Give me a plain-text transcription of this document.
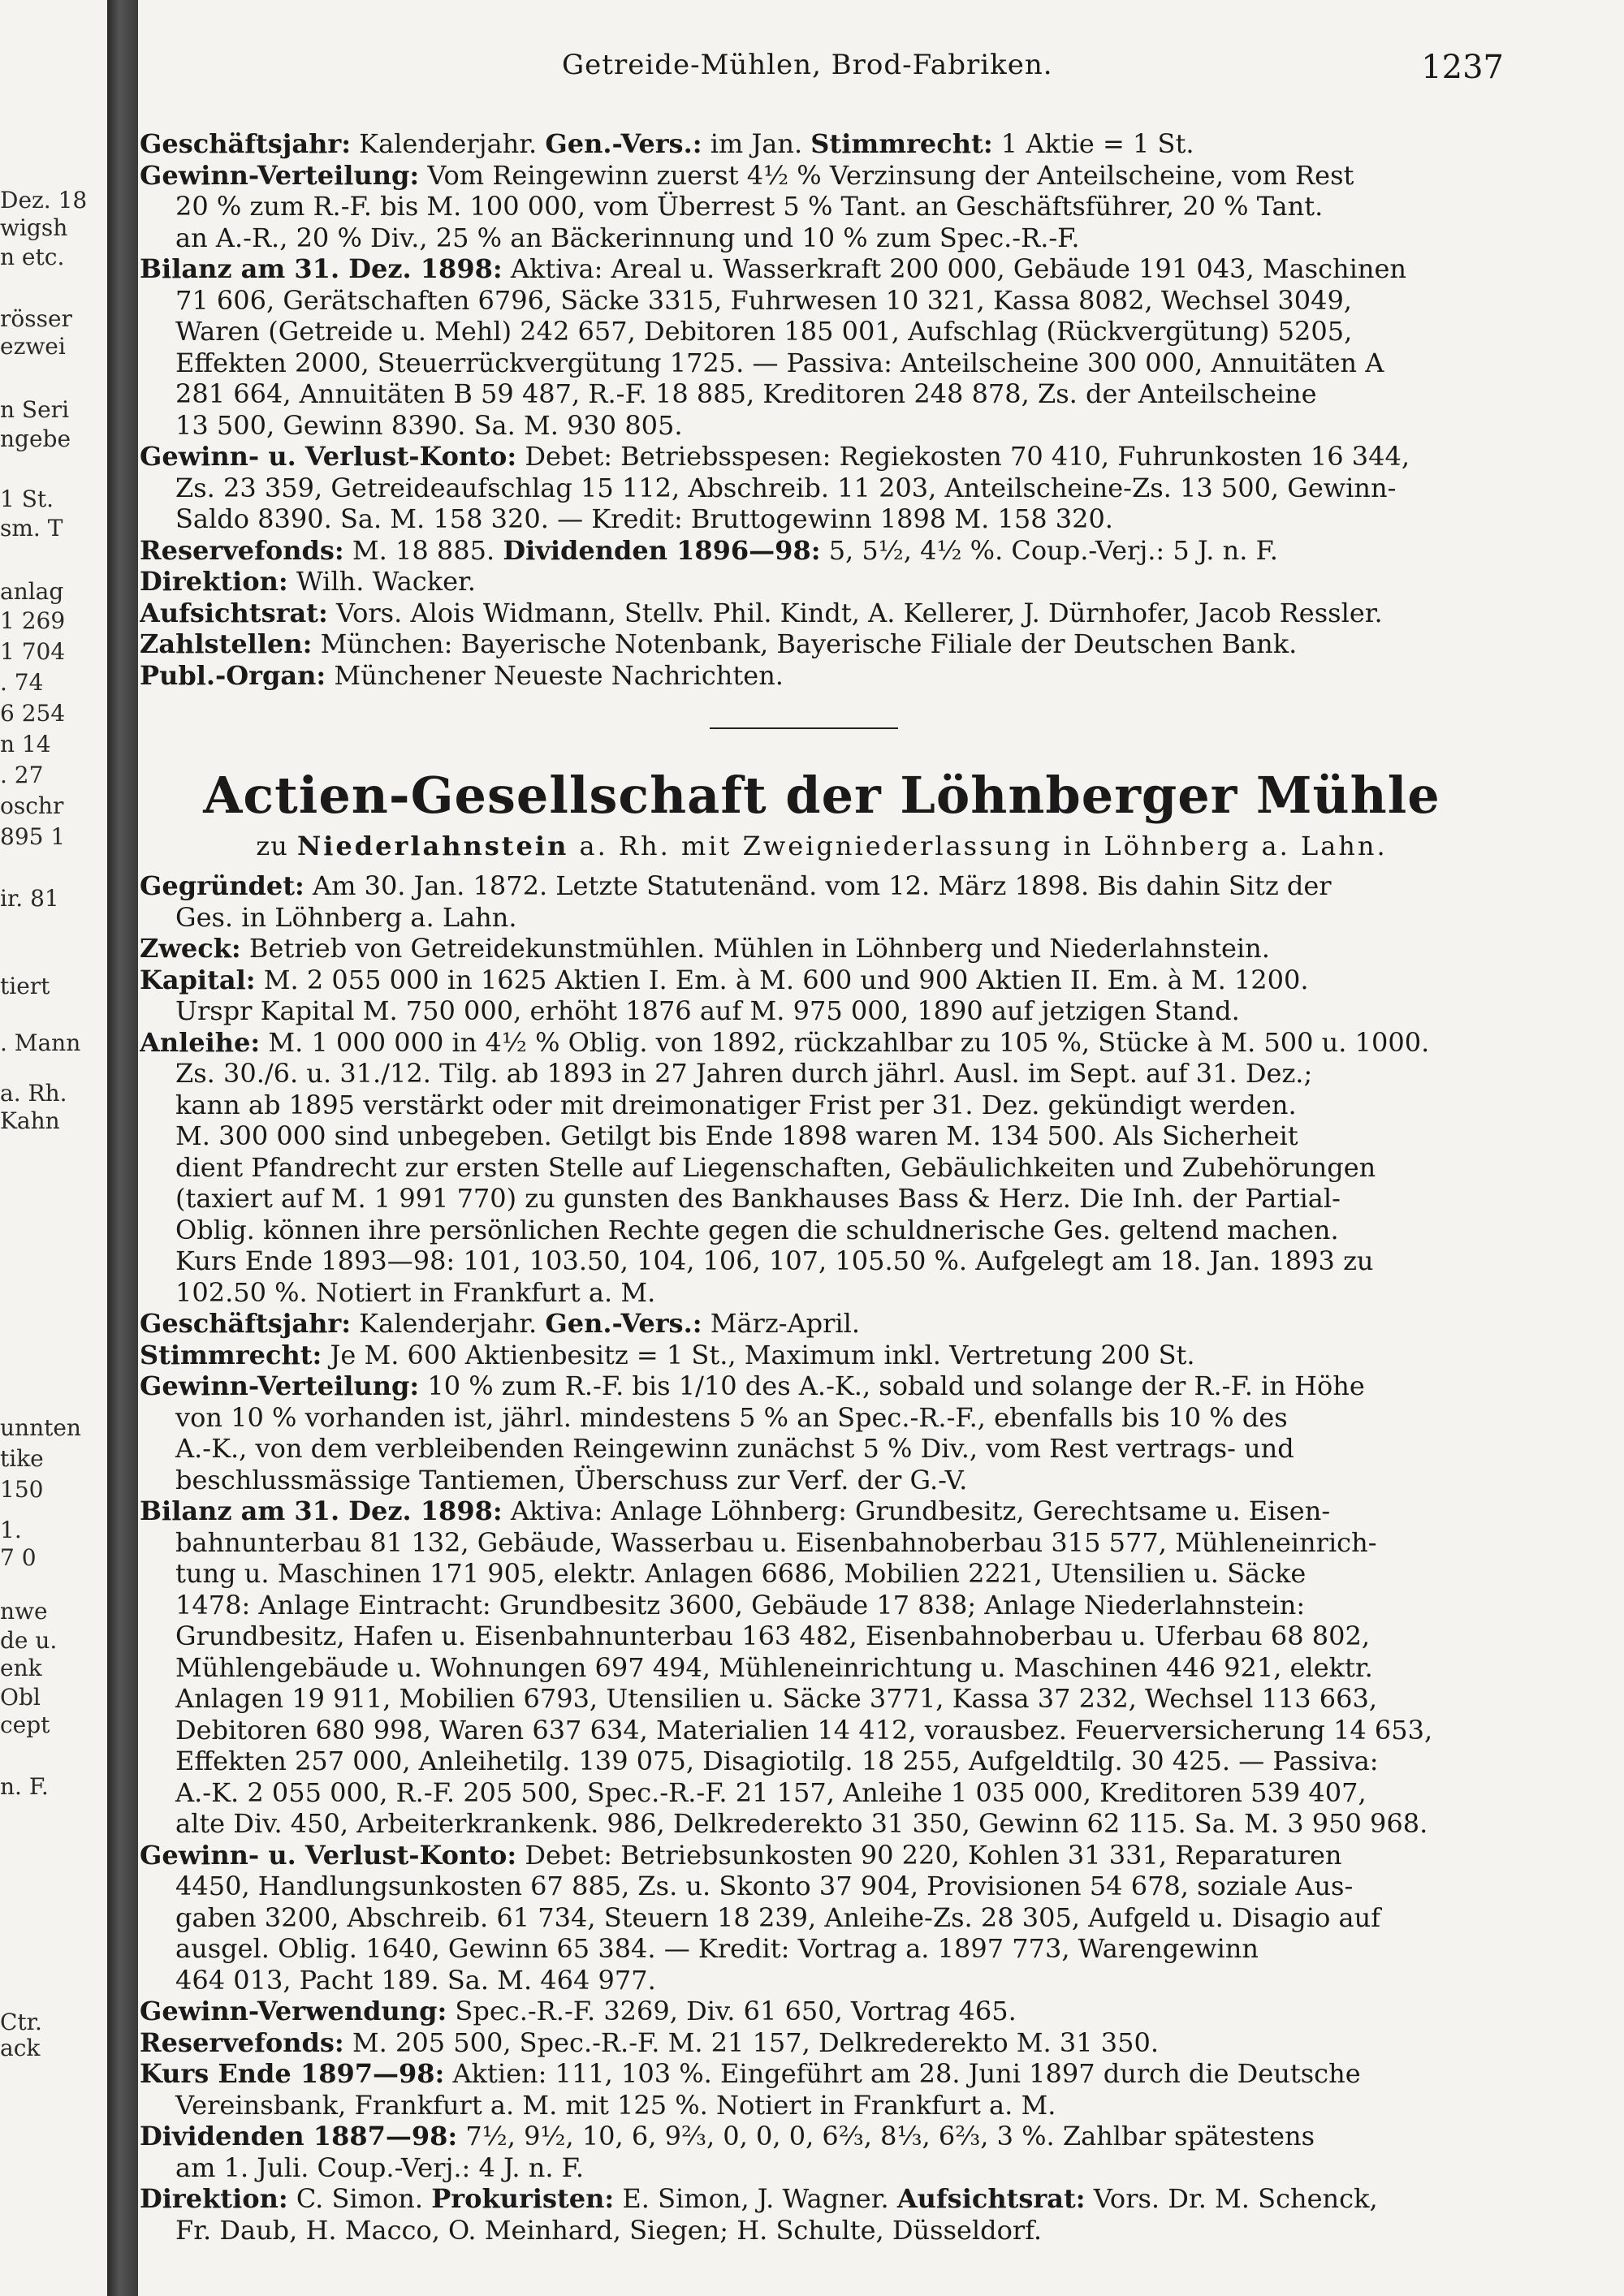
Dez. 18
wigsh
n etc.
rösser
ezwei
n Seri
ngebe
1 St.
sm. T
anlag
1 269
1 704
. 74
6 254
n 14
. 27
oschr
895 1
ir. 81
tiert
. Mann
a. Rh.
Kahn
unnten
tike
150
1.
7 0
nwe
de u.
enk
Obl
cept
n. F.
Ctr.
ack
Getreide-Mühlen, Brod-Fabriken.	1237
Geschäftsjahr: Kalenderjahr. Gen.-Vers.: im Jan. Stimmrecht: 1 Aktie = 1 St.
Gewinn-Verteilung: Vom Reingewinn zuerst 4½ % Verzinsung der Anteilscheine, vom Rest
20 % zum R.-F. bis M. 100 000, vom Überrest 5 % Tant. an Geschäftsführer, 20 % Tant.
an A.-R., 20 % Div., 25 % an Bäckerinnung und 10 % zum Spec.-R.-F.
Bilanz am 31. Dez. 1898: Aktiva: Areal u. Wasserkraft 200 000, Gebäude 191 043, Maschinen
71 606, Gerätschaften 6796, Säcke 3315, Fuhrwesen 10 321, Kassa 8082, Wechsel 3049,
Waren (Getreide u. Mehl) 242 657, Debitoren 185 001, Aufschlag (Rückvergütung) 5205,
Effekten 2000, Steuerrückvergütung 1725. — Passiva: Anteilscheine 300 000, Annuitäten A
281 664, Annuitäten B 59 487, R.-F. 18 885, Kreditoren 248 878, Zs. der Anteilscheine
13 500, Gewinn 8390. Sa. M. 930 805.
Gewinn- u. Verlust-Konto: Debet: Betriebsspesen: Regiekosten 70 410, Fuhrunkosten 16 344,
Zs. 23 359, Getreideaufschlag 15 112, Abschreib. 11 203, Anteilscheine-Zs. 13 500, Gewinn-
Saldo 8390. Sa. M. 158 320. — Kredit: Bruttogewinn 1898 M. 158 320.
Reservefonds: M. 18 885. Dividenden 1896—98: 5, 5½, 4½ %. Coup.-Verj.: 5 J. n. F.
Direktion: Wilh. Wacker.
Aufsichtsrat: Vors. Alois Widmann, Stellv. Phil. Kindt, A. Kellerer, J. Dürnhofer, Jacob Ressler.
Zahlstellen: München: Bayerische Notenbank, Bayerische Filiale der Deutschen Bank.
Publ.-Organ: Münchener Neueste Nachrichten.
Actien-Gesellschaft der Löhnberger Mühle
zu Niederlahnstein a. Rh. mit Zweigniederlassung in Löhnberg a. Lahn.
Gegründet: Am 30. Jan. 1872. Letzte Statutenänd. vom 12. März 1898. Bis dahin Sitz der
Ges. in Löhnberg a. Lahn.
Zweck: Betrieb von Getreidekunstmühlen. Mühlen in Löhnberg und Niederlahnstein.
Kapital: M. 2 055 000 in 1625 Aktien I. Em. à M. 600 und 900 Aktien II. Em. à M. 1200.
Urspr Kapital M. 750 000, erhöht 1876 auf M. 975 000, 1890 auf jetzigen Stand.
Anleihe: M. 1 000 000 in 4½ % Oblig. von 1892, rückzahlbar zu 105 %, Stücke à M. 500 u. 1000.
Zs. 30./6. u. 31./12. Tilg. ab 1893 in 27 Jahren durch jährl. Ausl. im Sept. auf 31. Dez.;
kann ab 1895 verstärkt oder mit dreimonatiger Frist per 31. Dez. gekündigt werden.
M. 300 000 sind unbegeben. Getilgt bis Ende 1898 waren M. 134 500. Als Sicherheit
dient Pfandrecht zur ersten Stelle auf Liegenschaften, Gebäulichkeiten und Zubehörungen
(taxiert auf M. 1 991 770) zu gunsten des Bankhauses Bass & Herz. Die Inh. der Partial-
Oblig. können ihre persönlichen Rechte gegen die schuldnerische Ges. geltend machen.
Kurs Ende 1893—98: 101, 103.50, 104, 106, 107, 105.50 %. Aufgelegt am 18. Jan. 1893 zu
102.50 %. Notiert in Frankfurt a. M.
Geschäftsjahr: Kalenderjahr. Gen.-Vers.: März-April.
Stimmrecht: Je M. 600 Aktienbesitz = 1 St., Maximum inkl. Vertretung 200 St.
Gewinn-Verteilung: 10 % zum R.-F. bis 1/10 des A.-K., sobald und solange der R.-F. in Höhe
von 10 % vorhanden ist, jährl. mindestens 5 % an Spec.-R.-F., ebenfalls bis 10 % des
A.-K., von dem verbleibenden Reingewinn zunächst 5 % Div., vom Rest vertrags- und
beschlussmässige Tantiemen, Überschuss zur Verf. der G.-V.
Bilanz am 31. Dez. 1898: Aktiva: Anlage Löhnberg: Grundbesitz, Gerechtsame u. Eisen-
bahnunterbau 81 132, Gebäude, Wasserbau u. Eisenbahnoberbau 315 577, Mühleneinrich-
tung u. Maschinen 171 905, elektr. Anlagen 6686, Mobilien 2221, Utensilien u. Säcke
1478: Anlage Eintracht: Grundbesitz 3600, Gebäude 17 838; Anlage Niederlahnstein:
Grundbesitz, Hafen u. Eisenbahnunterbau 163 482, Eisenbahnoberbau u. Uferbau 68 802,
Mühlengebäude u. Wohnungen 697 494, Mühleneinrichtung u. Maschinen 446 921, elektr.
Anlagen 19 911, Mobilien 6793, Utensilien u. Säcke 3771, Kassa 37 232, Wechsel 113 663,
Debitoren 680 998, Waren 637 634, Materialien 14 412, vorausbez. Feuerversicherung 14 653,
Effekten 257 000, Anleihetilg. 139 075, Disagiotilg. 18 255, Aufgeldtilg. 30 425. — Passiva:
A.-K. 2 055 000, R.-F. 205 500, Spec.-R.-F. 21 157, Anleihe 1 035 000, Kreditoren 539 407,
alte Div. 450, Arbeiterkrankenk. 986, Delkrederekto 31 350, Gewinn 62 115. Sa. M. 3 950 968.
Gewinn- u. Verlust-Konto: Debet: Betriebsunkosten 90 220, Kohlen 31 331, Reparaturen
4450, Handlungsunkosten 67 885, Zs. u. Skonto 37 904, Provisionen 54 678, soziale Aus-
gaben 3200, Abschreib. 61 734, Steuern 18 239, Anleihe-Zs. 28 305, Aufgeld u. Disagio auf
ausgel. Oblig. 1640, Gewinn 65 384. — Kredit: Vortrag a. 1897 773, Warengewinn
464 013, Pacht 189. Sa. M. 464 977.
Gewinn-Verwendung: Spec.-R.-F. 3269, Div. 61 650, Vortrag 465.
Reservefonds: M. 205 500, Spec.-R.-F. M. 21 157, Delkrederekto M. 31 350.
Kurs Ende 1897—98: Aktien: 111, 103 %. Eingeführt am 28. Juni 1897 durch die Deutsche
Vereinsbank, Frankfurt a. M. mit 125 %. Notiert in Frankfurt a. M.
Dividenden 1887—98: 7½, 9½, 10, 6, 9⅔, 0, 0, 0, 6⅔, 8⅓, 6⅔, 3 %. Zahlbar spätestens
am 1. Juli. Coup.-Verj.: 4 J. n. F.
Direktion: C. Simon. Prokuristen: E. Simon, J. Wagner. Aufsichtsrat: Vors. Dr. M. Schenck,
Fr. Daub, H. Macco, O. Meinhard, Siegen; H. Schulte, Düsseldorf.
